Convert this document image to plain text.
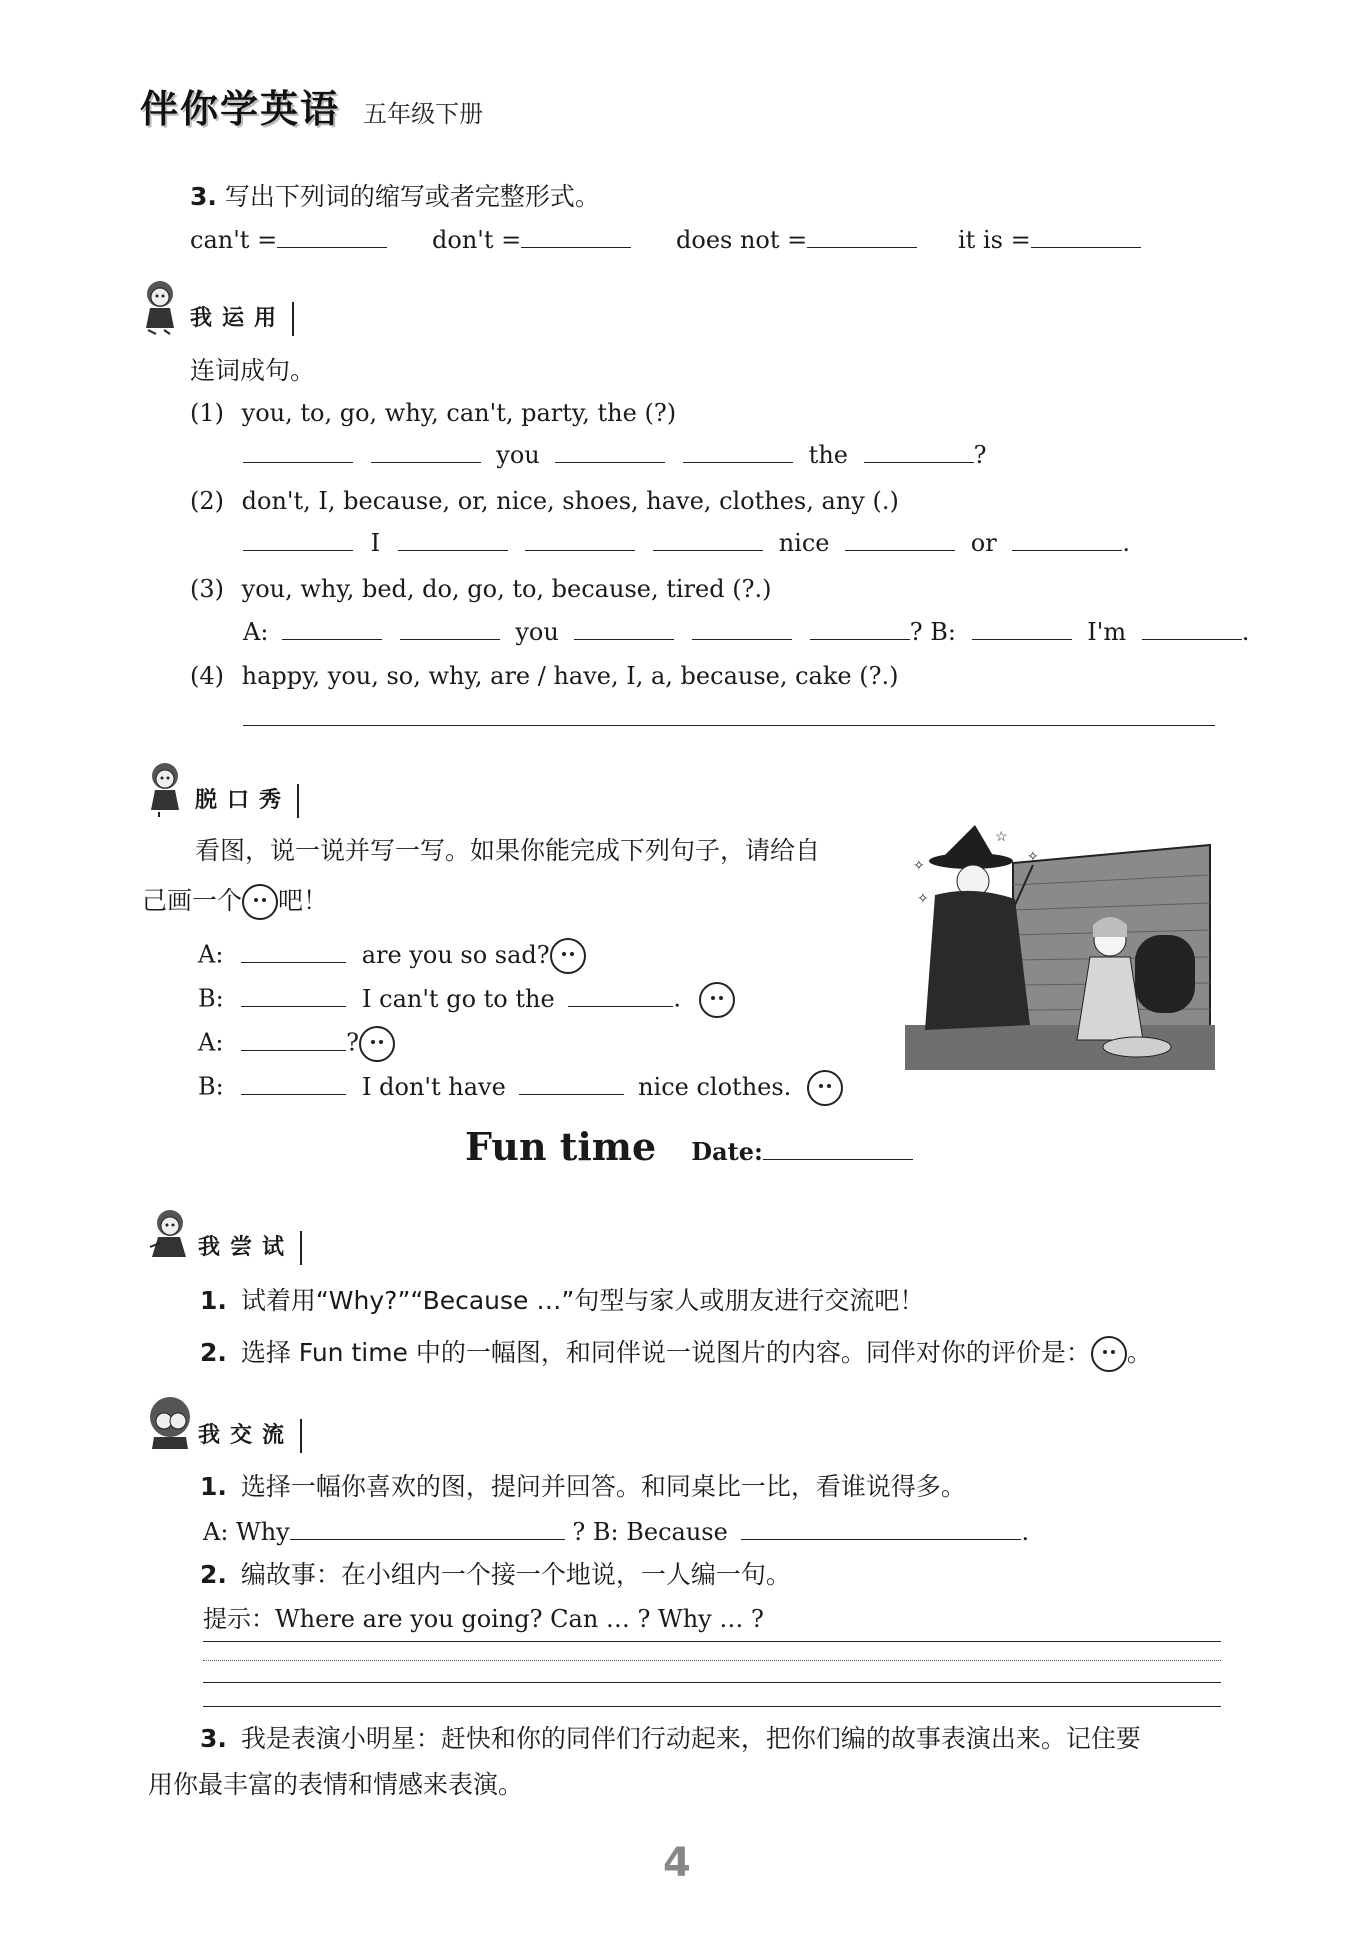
伴你学英语 五年级下册
3. 写出下列词的缩写或者完整形式。
can't =	don't =	does not =	it is =
我运用
连词成句。
(1) you, to, go, why, can't, party, the (?)
you	the	?
(2) don't, I, because, or, nice, shoes, have, clothes, any (.)
I	nice	or	.
(3) you, why, bed, do, go, to, because, tired (?.)
A:	you	? B:	I'm	.
(4) happy, you, so, why, are / have, I, a, because, cake (?.)
脱口秀
看图，说一说并写一写。如果你能完成下列句子，请给自
己画一个 吧！
A:	are you so sad?
B:	I can't go to the	.
A:	?
B:	I don't have	nice clothes.
✧
✧
✧
☆
Fun time Date:
我尝试
1. 试着用“Why?”“Because …”句型与家人或朋友进行交流吧！
2. 选择 Fun time 中的一幅图，和同伴说一说图片的内容。同伴对你的评价是： 。
我交流
1. 选择一幅你喜欢的图，提问并回答。和同桌比一比，看谁说得多。
A: Why	? B: Because	.
2. 编故事：在小组内一个接一个地说，一人编一句。
提示：Where are you going? Can … ? Why … ?
3. 我是表演小明星：赶快和你的同伴们行动起来，把你们编的故事表演出来。记住要
用你最丰富的表情和情感来表演。
4
